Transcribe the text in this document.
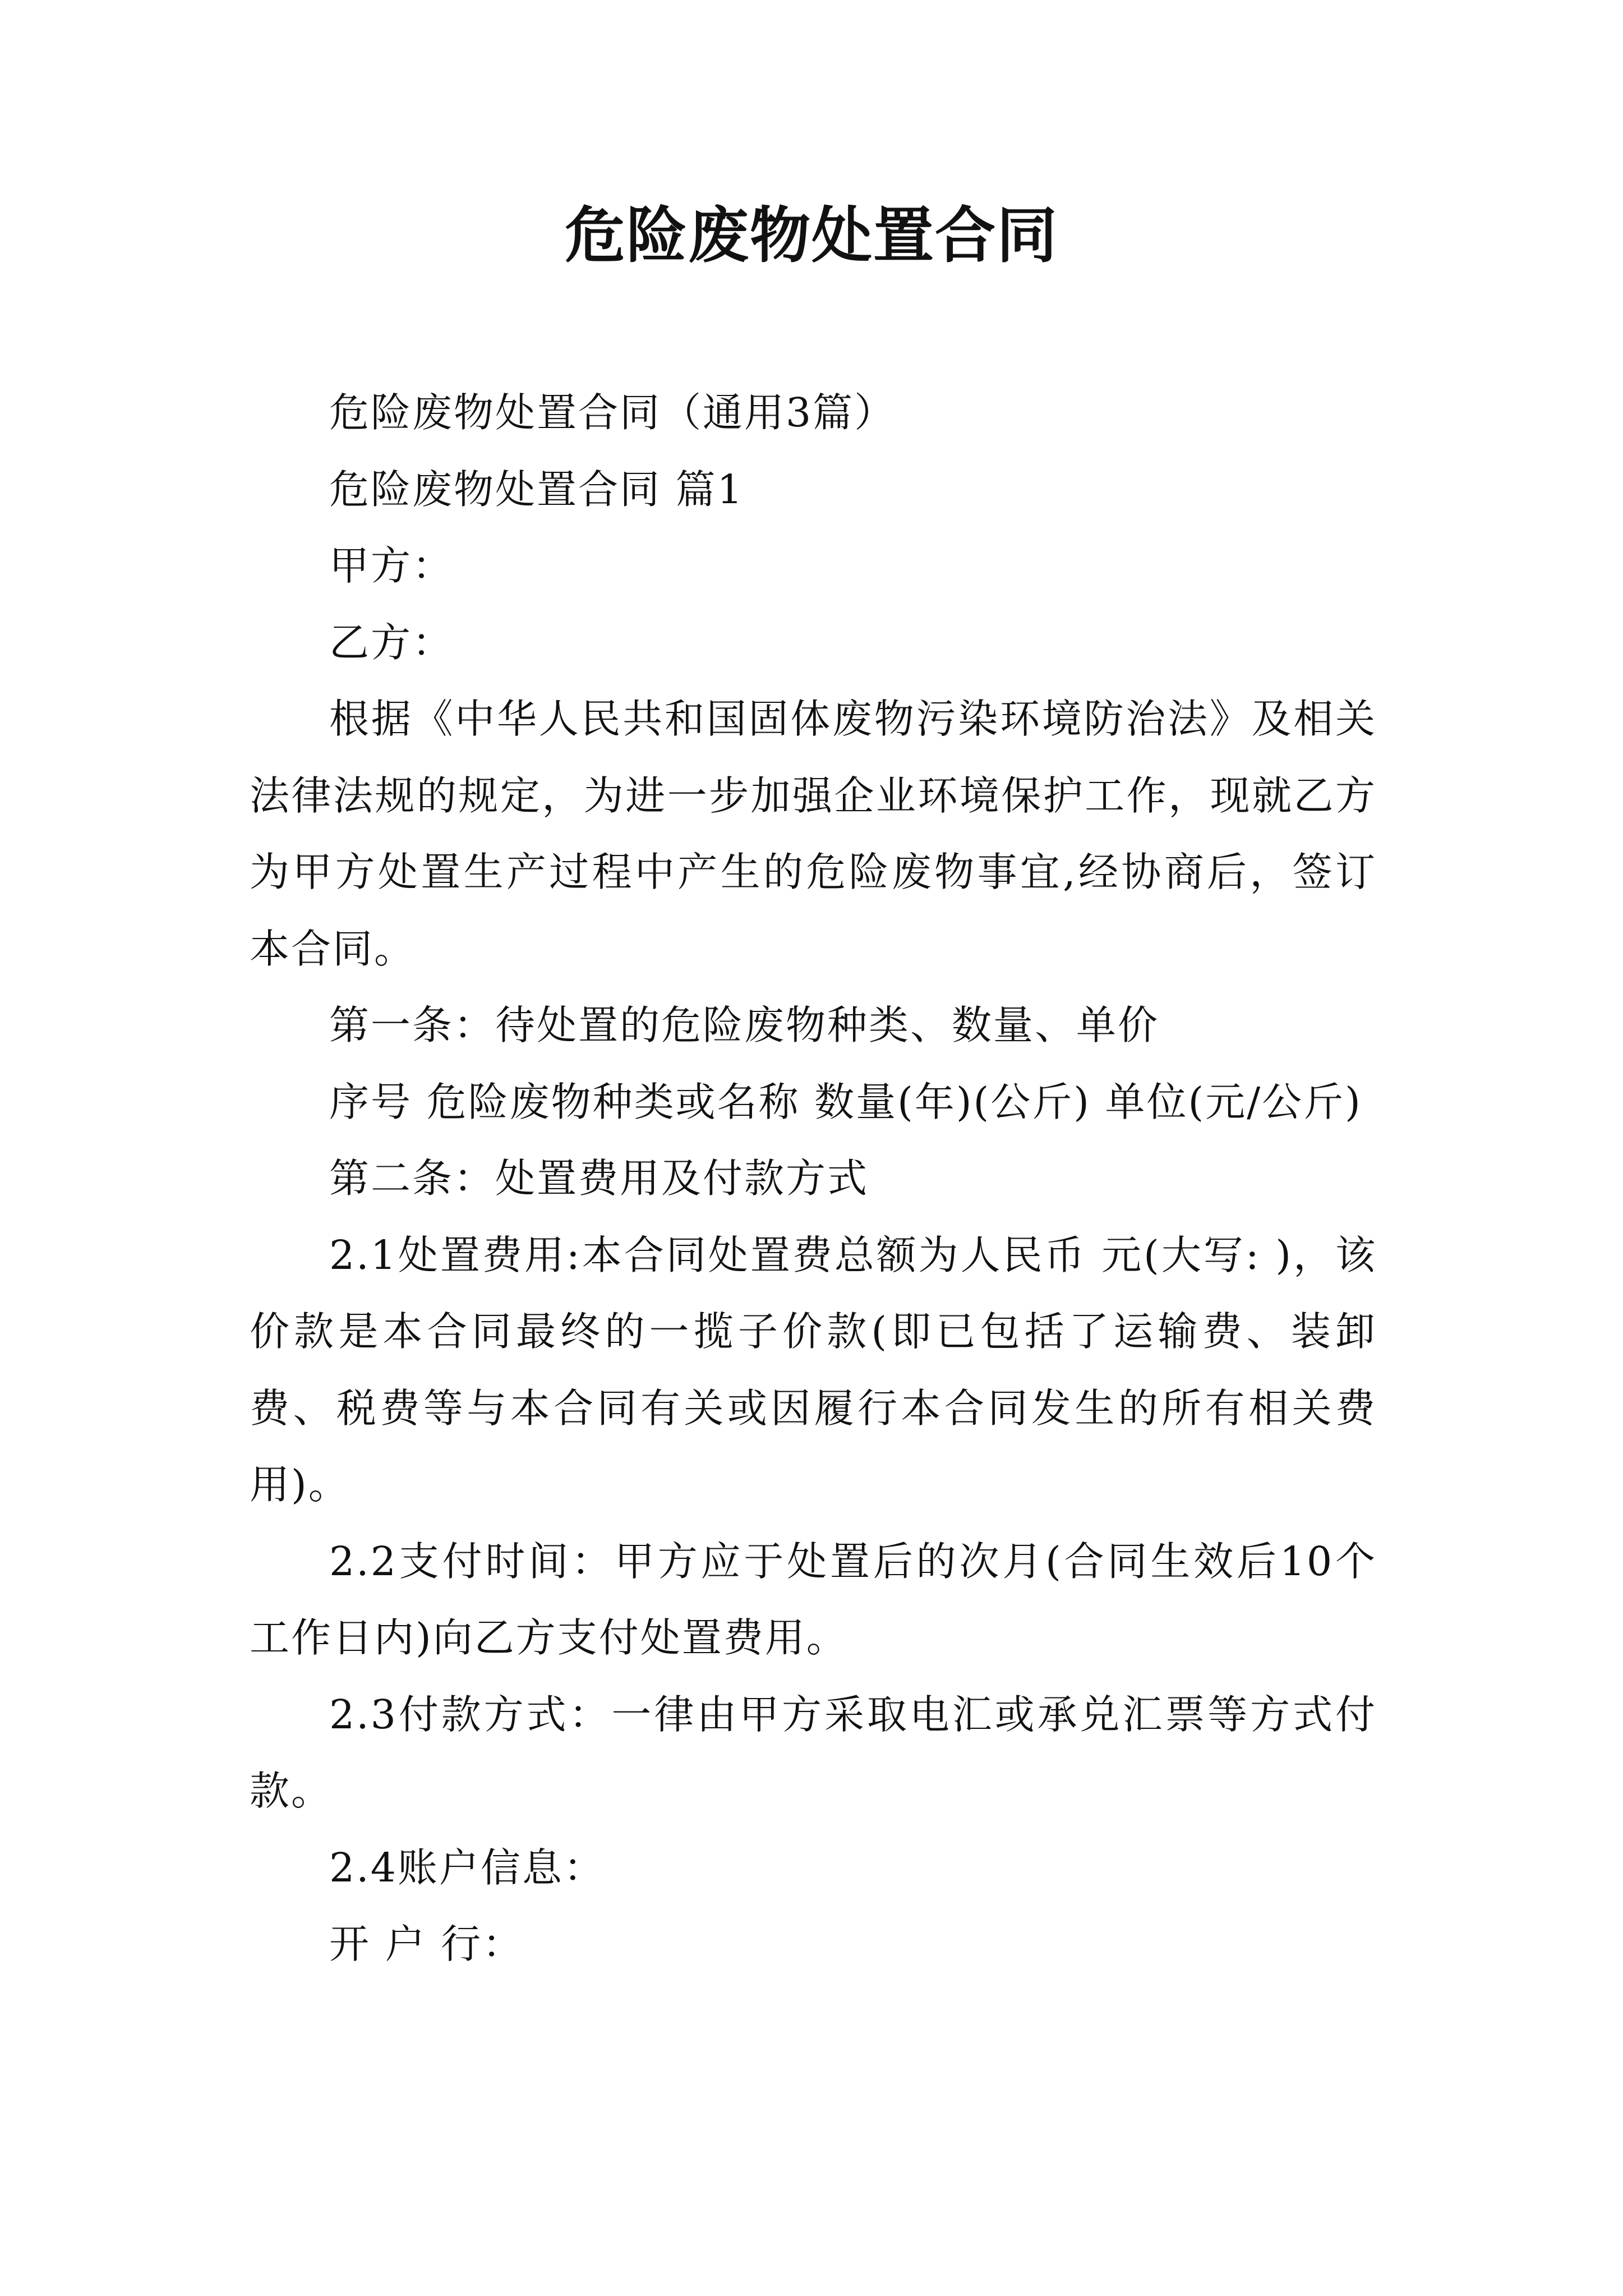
危险废物处置合同

危险废物处置合同（通用3篇）

危险废物处置合同 篇1

甲方：

乙方：

根据《中华人民共和国固体废物污染环境防治法》及相关法律法规的规定，为进一步加强企业环境保护工作，现就乙方为甲方处置生产过程中产生的危险废物事宜,经协商后，签订本合同。

第一条：待处置的危险废物种类、数量、单价

序号 危险废物种类或名称 数量(年)(公斤) 单位(元/公斤)

第二条：处置费用及付款方式

2.1处置费用:本合同处置费总额为人民币 元(大写: )，该价款是本合同最终的一揽子价款(即已包括了运输费、装卸费、税费等与本合同有关或因履行本合同发生的所有相关费用)。

2.2支付时间：甲方应于处置后的次月(合同生效后10个工作日内)向乙方支付处置费用。

2.3付款方式：一律由甲方采取电汇或承兑汇票等方式付款。

2.4账户信息：

开 户 行：
